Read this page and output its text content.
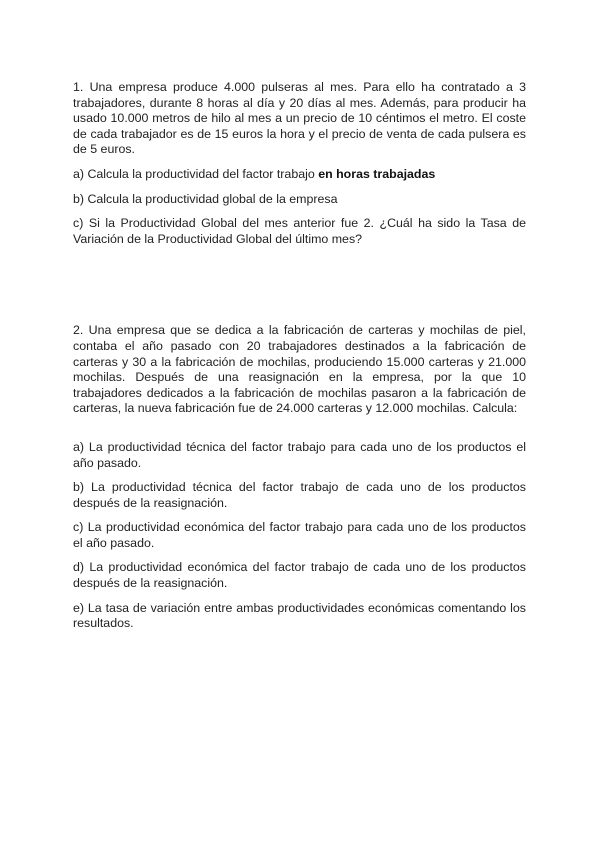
1. Una empresa produce 4.000 pulseras al mes. Para ello ha contratado a 3 trabajadores, durante 8 horas al día y 20 días al mes. Además, para producir ha usado 10.000 metros de hilo al mes a un precio de 10 céntimos el metro. El coste de cada trabajador es de 15 euros la hora y el precio de venta de cada pulsera es de 5 euros.

a) Calcula la productividad del factor trabajo en horas trabajadas

b) Calcula la productividad global de la empresa

c) Si la Productividad Global del mes anterior fue 2. ¿Cuál ha sido la Tasa de Variación de la Productividad Global del último mes?

2. Una empresa que se dedica a la fabricación de carteras y mochilas de piel, contaba el año pasado con 20 trabajadores destinados a la fabricación de carteras y 30 a la fabricación de mochilas, produciendo 15.000 carteras y 21.000 mochilas. Después de una reasignación en la empresa, por la que 10 trabajadores dedicados a la fabricación de mochilas pasaron a la fabricación de carteras, la nueva fabricación fue de 24.000 carteras y 12.000 mochilas. Calcula:

a) La productividad técnica del factor trabajo para cada uno de los productos el año pasado.

b) La productividad técnica del factor trabajo de cada uno de los productos después de la reasignación.

c) La productividad económica del factor trabajo para cada uno de los productos el año pasado.

d) La productividad económica del factor trabajo de cada uno de los productos después de la reasignación.

e) La tasa de variación entre ambas productividades económicas comentando los resultados.
